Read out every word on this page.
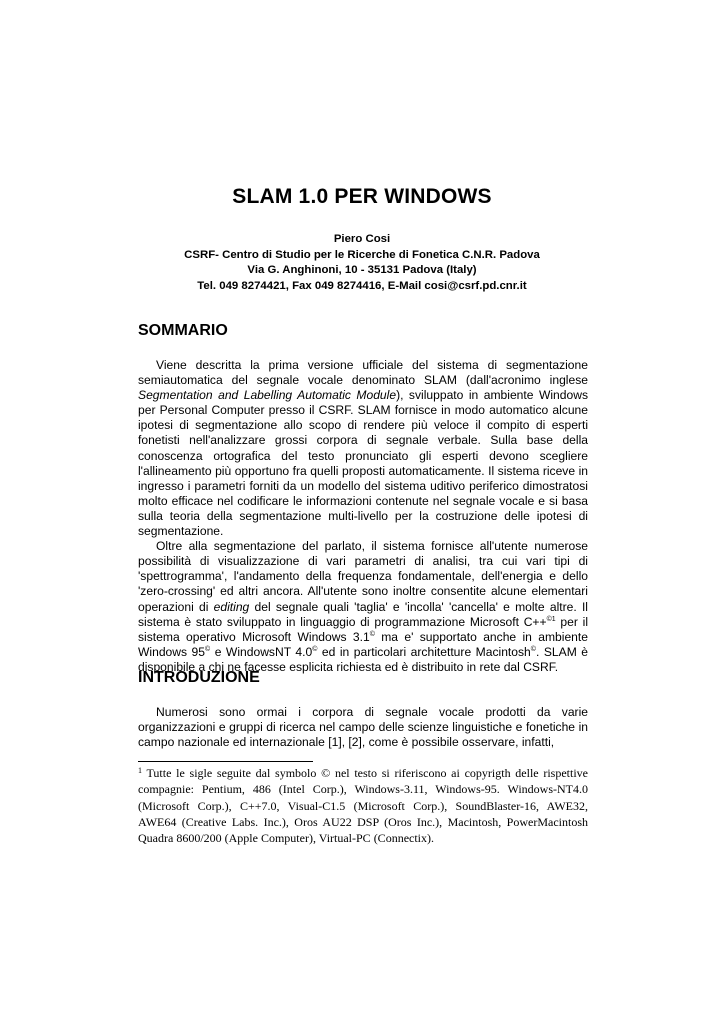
SLAM 1.0 PER WINDOWS
Piero Cosi
CSRF- Centro di Studio per le Ricerche di Fonetica C.N.R. Padova
Via G. Anghinoni, 10 - 35131 Padova (Italy)
Tel. 049 8274421, Fax 049 8274416, E-Mail cosi@csrf.pd.cnr.it
SOMMARIO

Viene descritta la prima versione ufficiale del sistema di segmentazione semiautomatica del segnale vocale denominato SLAM (dall'acronimo inglese Segmentation and Labelling Automatic Module), sviluppato in ambiente Windows per Personal Computer presso il CSRF. SLAM fornisce in modo automatico alcune ipotesi di segmentazione allo scopo di rendere più veloce il compito di esperti fonetisti nell'analizzare grossi corpora di segnale verbale. Sulla base della conoscenza ortografica del testo pronunciato gli esperti devono scegliere l'allineamento più opportuno fra quelli proposti automaticamente. Il sistema riceve in ingresso i parametri forniti da un modello del sistema uditivo periferico dimostratosi molto efficace nel codificare le informazioni contenute nel segnale vocale e si basa sulla teoria della segmentazione multi-livello per la costruzione delle ipotesi di segmentazione.

Oltre alla segmentazione del parlato, il sistema fornisce all'utente numerose possibilità di visualizzazione di vari parametri di analisi, tra cui vari tipi di 'spettrogramma', l'andamento della frequenza fondamentale, dell'energia e dello 'zero-crossing' ed altri ancora. All'utente sono inoltre consentite alcune elementari operazioni di editing del segnale quali 'taglia' e 'incolla' 'cancella' e molte altre. Il sistema è stato sviluppato in linguaggio di programmazione Microsoft C++$^{©1}$ per il sistema operativo Microsoft Windows 3.1© ma e' supportato anche in ambiente Windows 95© e WindowsNT 4.0© ed in particolari architetture Macintosh©. SLAM è disponibile a chi ne facesse esplicita richiesta ed è distribuito in rete dal CSRF.

INTRODUZIONE

Numerosi sono ormai i corpora di segnale vocale prodotti da varie organizzazioni e gruppi di ricerca nel campo delle scienze linguistiche e fonetiche in campo nazionale ed internazionale [1], [2], come è possibile osservare, infatti,

$^1$ Tutte le sigle seguite dal symbolo © nel testo si riferiscono ai copyrigth delle rispettive compagnie: Pentium, 486 (Intel Corp.), Windows-3.11, Windows-95. Windows-NT4.0 (Microsoft Corp.), C++7.0, Visual-C1.5 (Microsoft Corp.), SoundBlaster-16, AWE32, AWE64 (Creative Labs. Inc.), Oros AU22 DSP (Oros Inc.), Macintosh, PowerMacintosh Quadra 8600/200 (Apple Computer), Virtual-PC (Connectix).
